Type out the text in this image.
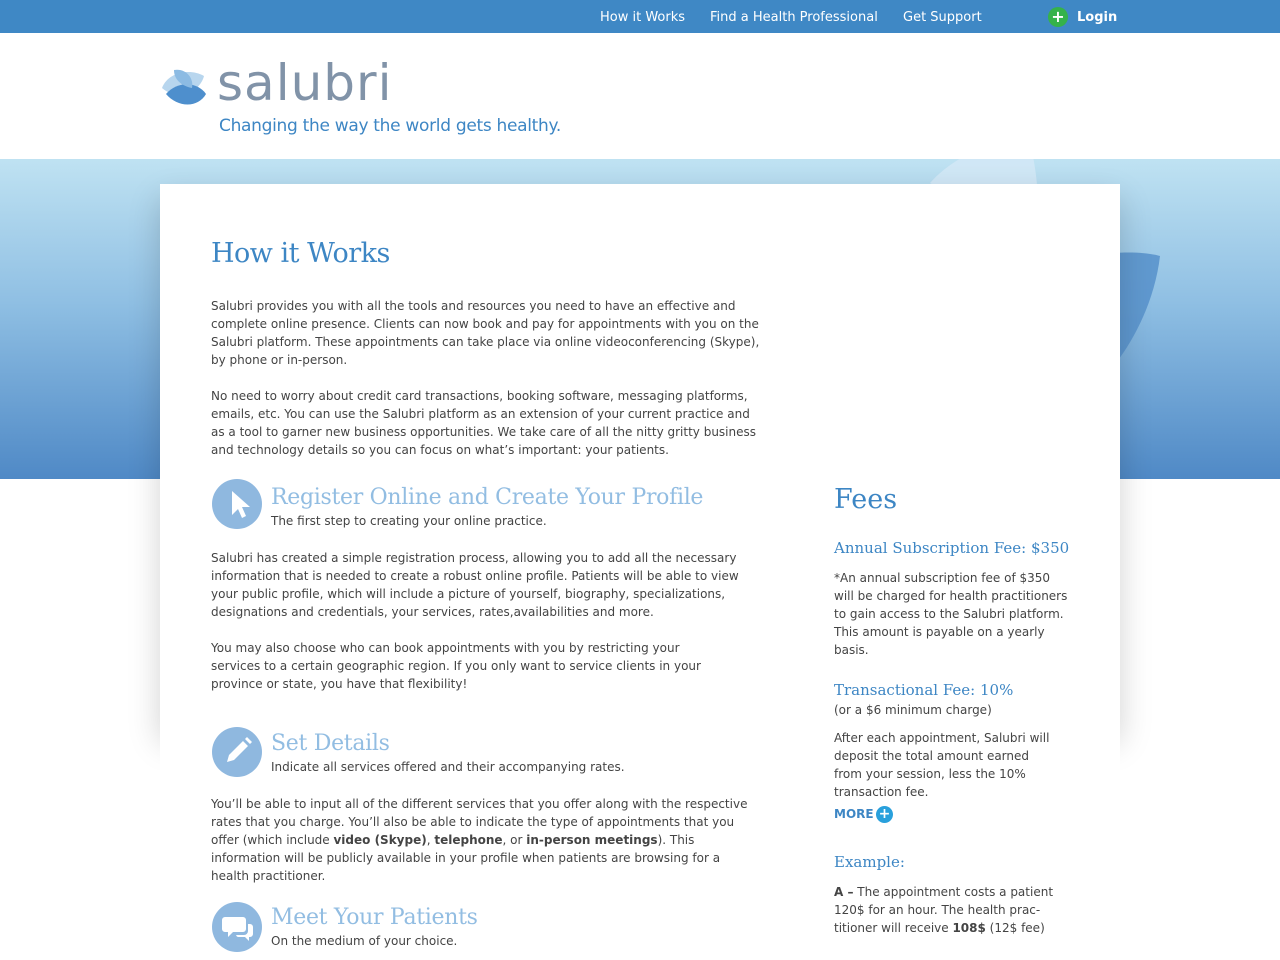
How it Works Find a Health Professional Get Support	+ Login
salubri
Changing the way the world gets healthy.
How it Works
Salubri provides you with all the tools and resources you need to have an effective and complete online presence. Clients can now book and pay for appointments with you on the Salubri platform. These appointments can take place via online videoconferencing (Skype), by phone or in-person.
No need to worry about credit card transactions, booking software, messaging platforms, emails, etc. You can use the Salubri platform as an extension of your current practice and as a tool to garner new business opportunities. We take care of all the nitty gritty business and technology details so you can focus on what’s important: your patients.
Register Online and Create Your Profile
The first step to creating your online practice.
Salubri has created a simple registration process, allowing you to add all the necessary information that is needed to create a robust online profile. Patients will be able to view your public profile, which will include a picture of yourself, biography, specializations, designations and credentials, your services, rates,availabilities and more.
You may also choose who can book appointments with you by restricting your services to a certain geographic region. If you only want to service clients in your province or state, you have that flexibility!
Set Details
Indicate all services offered and their accompanying rates.
You’ll be able to input all of the different services that you offer along with the respective rates that you charge. You’ll also be able to indicate the type of appointments that you offer (which include video (Skype), telephone, or in-person meetings). This information will be publicly available in your profile when patients are browsing for a health practitioner.
Meet Your Patients
On the medium of your choice.
Fees
Annual Subscription Fee: $350
*An annual subscription fee of $350 will be charged for health practitioners to gain access to the Salubri platform. This amount is payable on a yearly basis.
Transactional Fee: 10%
(or a $6 minimum charge)
After each appointment, Salubri will deposit the total amount earned from your session, less the 10% transaction fee.
MORE +
Example:
A – The appointment costs a patient 120$ for an hour. The health prac-titioner will receive 108$ (12$ fee)
